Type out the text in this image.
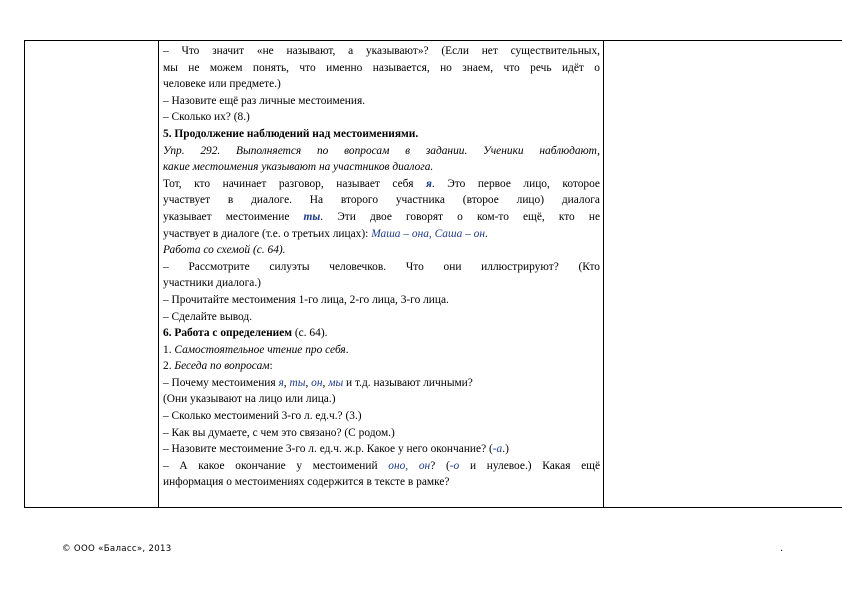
– Что значит «не называют, а указывают»? (Если нет существительных,

мы не можем понять, что именно называется, но знаем, что речь идёт о

человеке или предмете.)

– Назовите ещё раз личные местоимения.

– Сколько их? (8.)

5. Продолжение наблюдений над местоимениями.

Упр. 292. Выполняется по вопросам в задании. Ученики наблюдают,

какие местоимения указывают на участников диалога.

Тот, кто начинает разговор, называет себя я. Это первое лицо, которое

участвует в диалоге. На второго участника (второе лицо) диалога

указывает местоимение ты. Эти двое говорят о ком-то ещё, кто не

участвует в диалоге (т.е. о третьих лицах): Маша – она, Саша – он.

Работа со схемой (с. 64).

– Рассмотрите силуэты человечков. Что они иллюстрируют? (Кто

участники диалога.)

– Прочитайте местоимения 1-го лица, 2-го лица, 3-го лица.

– Сделайте вывод.

6. Работа с определением (с. 64).

1. Самостоятельное чтение про себя.

2. Беседа по вопросам:

– Почему местоимения я, ты, он, мы и т.д. называют личными?

(Они указывают на лицо или лица.)

– Сколько местоимений 3-го л. ед.ч.? (3.)

– Как вы думаете, с чем это связано? (С родом.)

– Назовите местоимение 3-го л. ед.ч. ж.р. Какое у него окончание? (-а.)

– А какое окончание у местоимений оно, он? (-о и нулевое.) Какая ещё

информация о местоимениях содержится в тексте в рамке?

© ООО «Баласс», 2013	.
